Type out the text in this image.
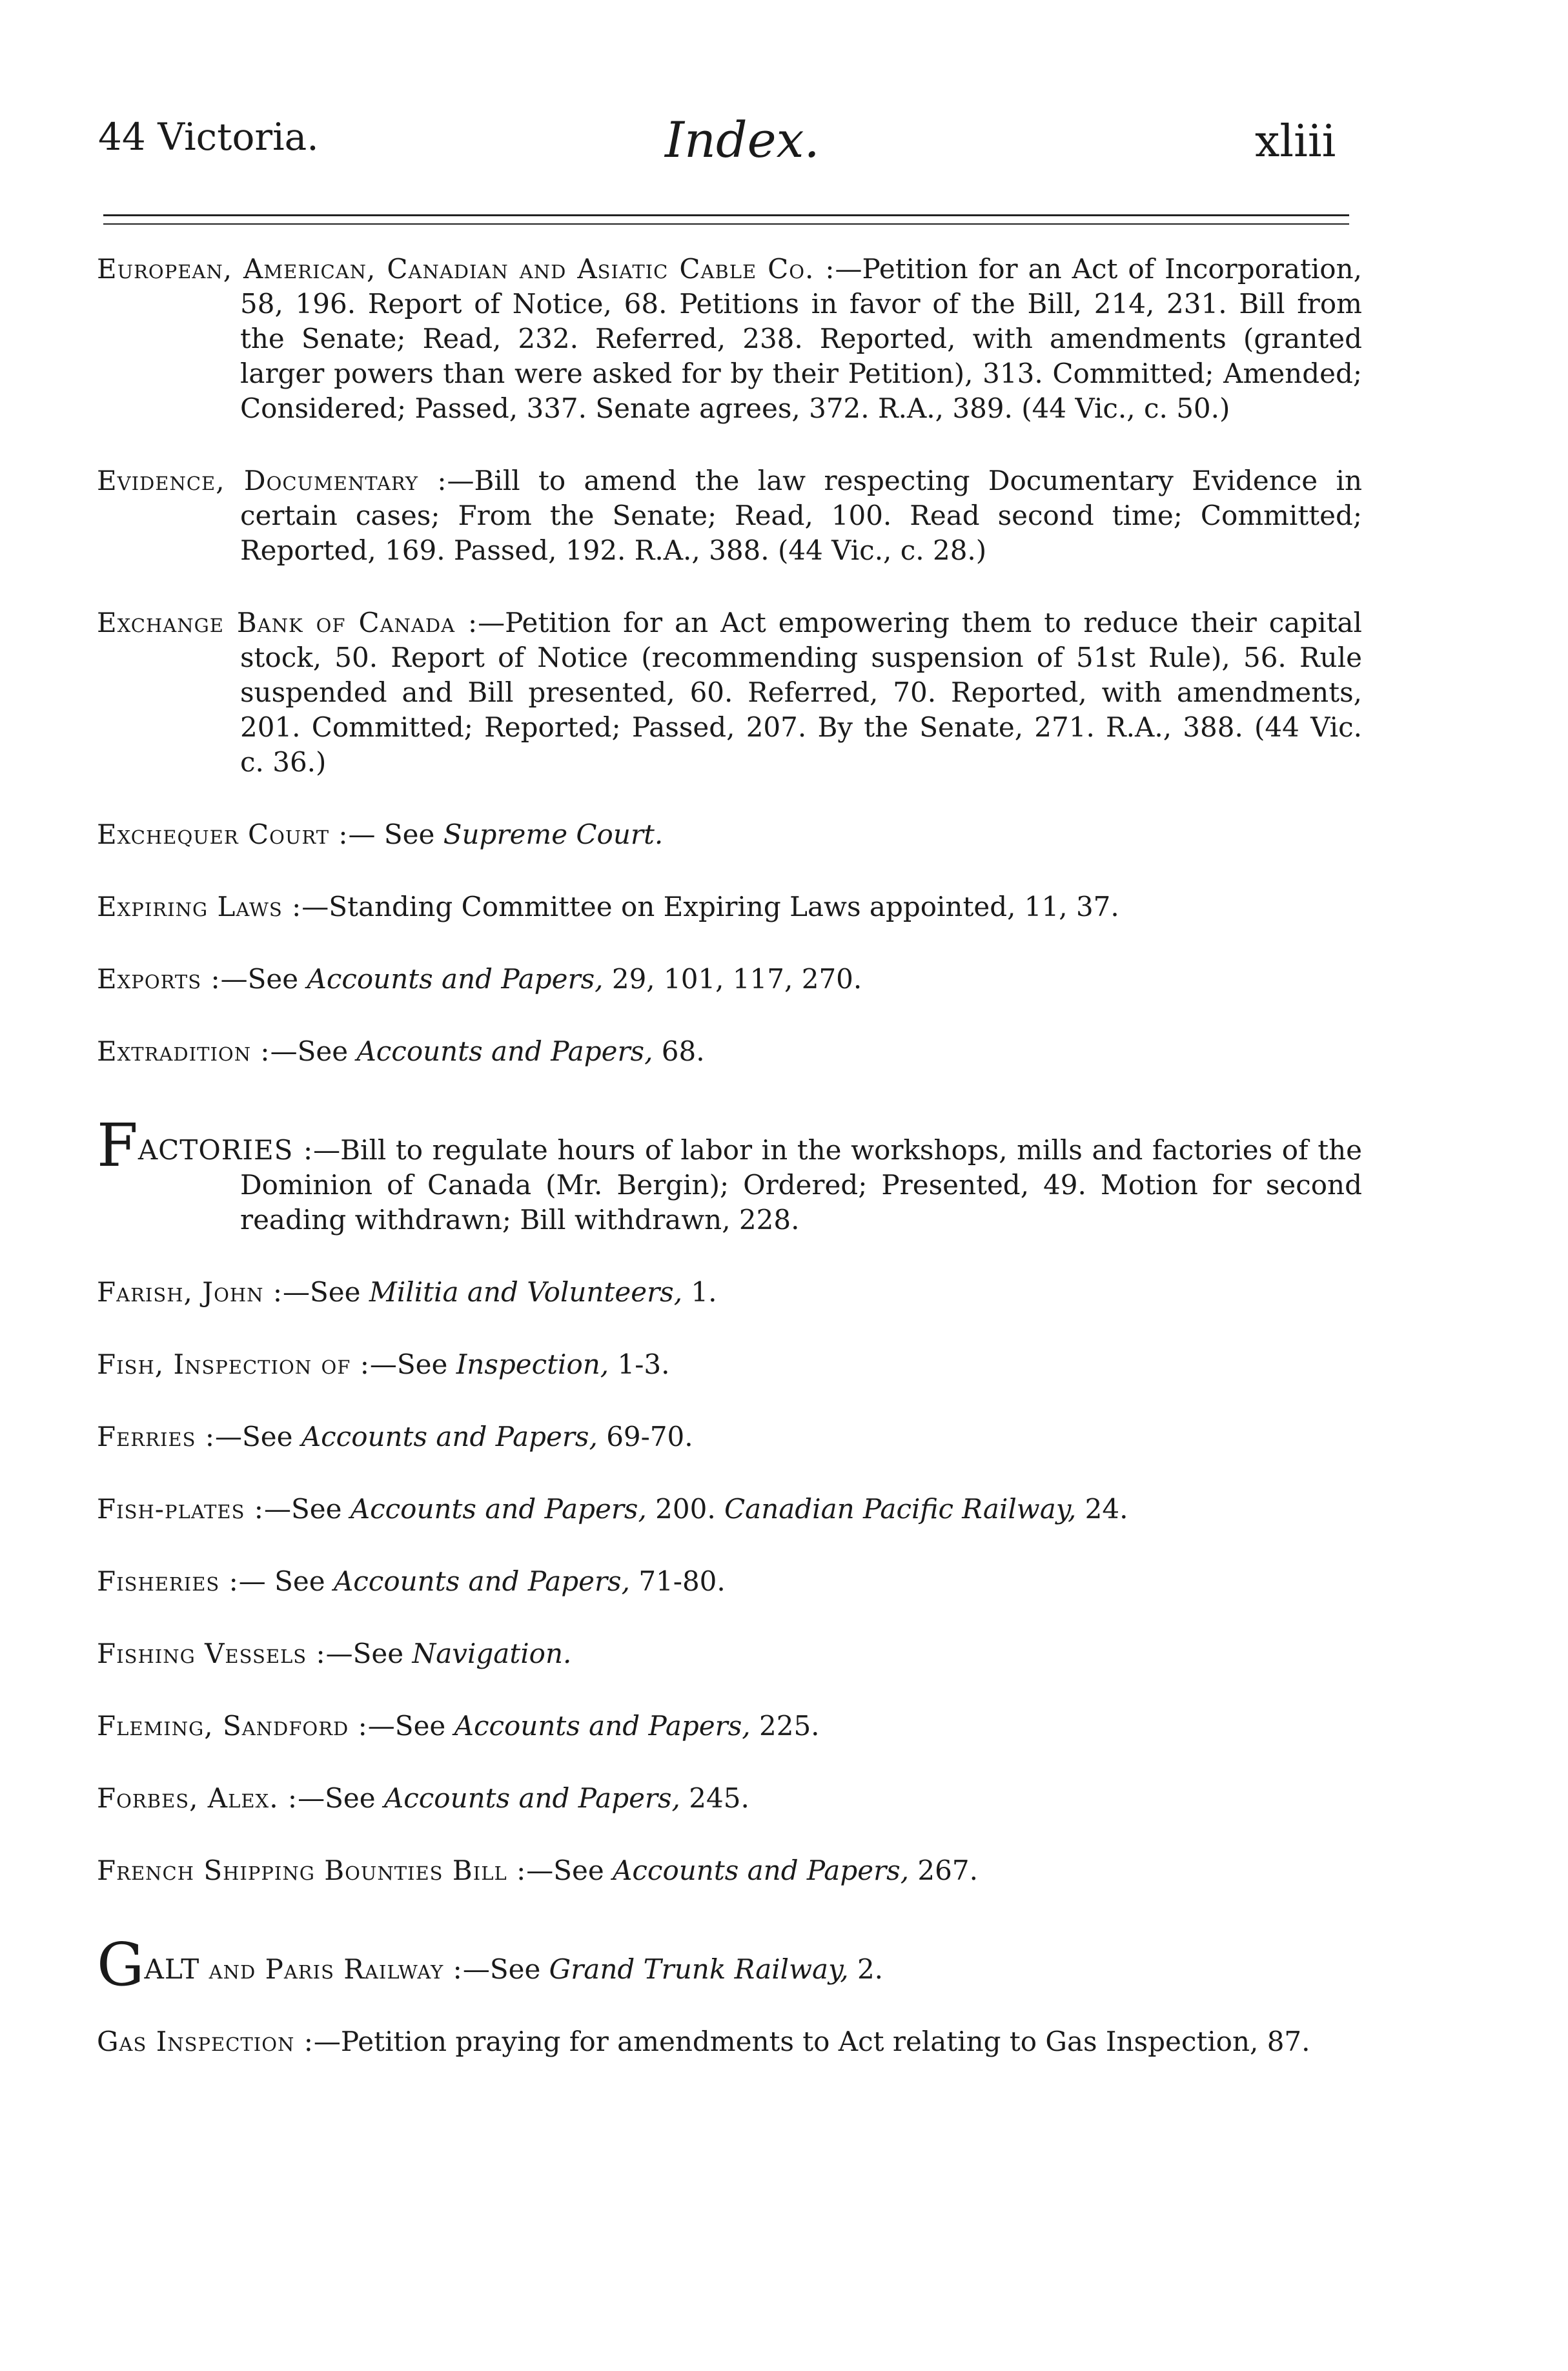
44 Victoria.	Index.	xliii
European, American, Canadian and Asiatic Cable Co. :—Petition for an Act of Incorporation, 58, 196. Report of Notice, 68. Petitions in favor of the Bill, 214, 231. Bill from the Senate; Read, 232. Referred, 238. Reported, with amendments (granted larger powers than were asked for by their Petition), 313. Committed; Amended; Considered; Passed, 337. Senate agrees, 372. R.A., 389. (44 Vic., c. 50.)
Evidence, Documentary :—Bill to amend the law respecting Documentary Evidence in certain cases; From the Senate; Read, 100. Read second time; Committed; Reported, 169. Passed, 192. R.A., 388. (44 Vic., c. 28.)
Exchange Bank of Canada :—Petition for an Act empowering them to reduce their capital stock, 50. Report of Notice (recommending suspension of 51st Rule), 56. Rule suspended and Bill presented, 60. Referred, 70. Reported, with amendments, 201. Committed; Reported; Passed, 207. By the Senate, 271. R.A., 388. (44 Vic. c. 36.)
Exchequer Court :— See Supreme Court.
Expiring Laws :—Standing Committee on Expiring Laws appointed, 11, 37.
Exports :—See Accounts and Papers, 29, 101, 117, 270.
Extradition :—See Accounts and Papers, 68.
FACTORIES :—Bill to regulate hours of labor in the workshops, mills and factories of the Dominion of Canada (Mr. Bergin); Ordered; Presented, 49. Motion for second reading withdrawn; Bill withdrawn, 228.
Farish, John :—See Militia and Volunteers, 1.
Fish, Inspection of :—See Inspection, 1-3.
Ferries :—See Accounts and Papers, 69-70.
Fish-plates :—See Accounts and Papers, 200. Canadian Pacific Railway, 24.
Fisheries :— See Accounts and Papers, 71-80.
Fishing Vessels :—See Navigation.
Fleming, Sandford :—See Accounts and Papers, 225.
Forbes, Alex. :—See Accounts and Papers, 245.
French Shipping Bounties Bill :—See Accounts and Papers, 267.
GALT and Paris Railway :—See Grand Trunk Railway, 2.
Gas Inspection :—Petition praying for amendments to Act relating to Gas Inspection, 87.
